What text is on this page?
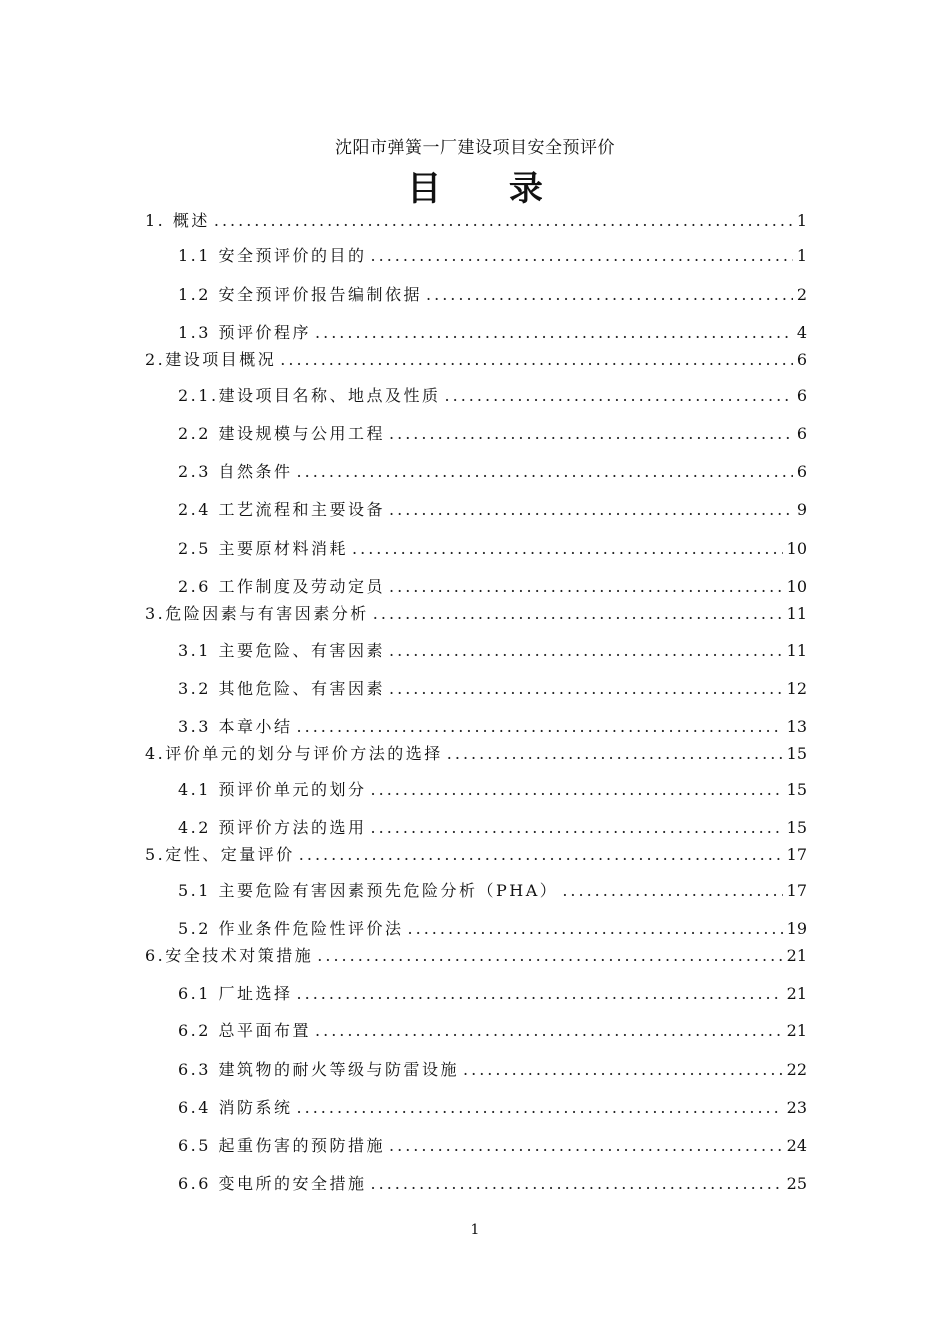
沈阳市弹簧一厂建设项目安全预评价
目 录
1. 概述 .....	1
1.1 安全预评价的目的 .....	1
1.2 安全预评价报告编制依据 .....	2
1.3 预评价程序 .....	4
2.建设项目概况 .....	6
2.1.建设项目名称、地点及性质 .....	6
2.2 建设规模与公用工程 .....	6
2.3 自然条件 .....	6
2.4 工艺流程和主要设备 .....	9
2.5 主要原材料消耗 .....	10
2.6 工作制度及劳动定员 .....	10
3.危险因素与有害因素分析 .....	11
3.1 主要危险、有害因素 .....	11
3.2 其他危险、有害因素 .....	12
3.3 本章小结 .....	13
4.评价单元的划分与评价方法的选择 .....	15
4.1 预评价单元的划分 .....	15
4.2 预评价方法的选用 .....	15
5.定性、定量评价 .....	17
5.1 主要危险有害因素预先危险分析（PHA） .....	17
5.2 作业条件危险性评价法 .....	19
6.安全技术对策措施 .....	21
6.1 厂址选择 .....	21
6.2 总平面布置 .....	21
6.3 建筑物的耐火等级与防雷设施 .....	22
6.4 消防系统 .....	23
6.5 起重伤害的预防措施 .....	24
6.6 变电所的安全措施 .....	25
1
